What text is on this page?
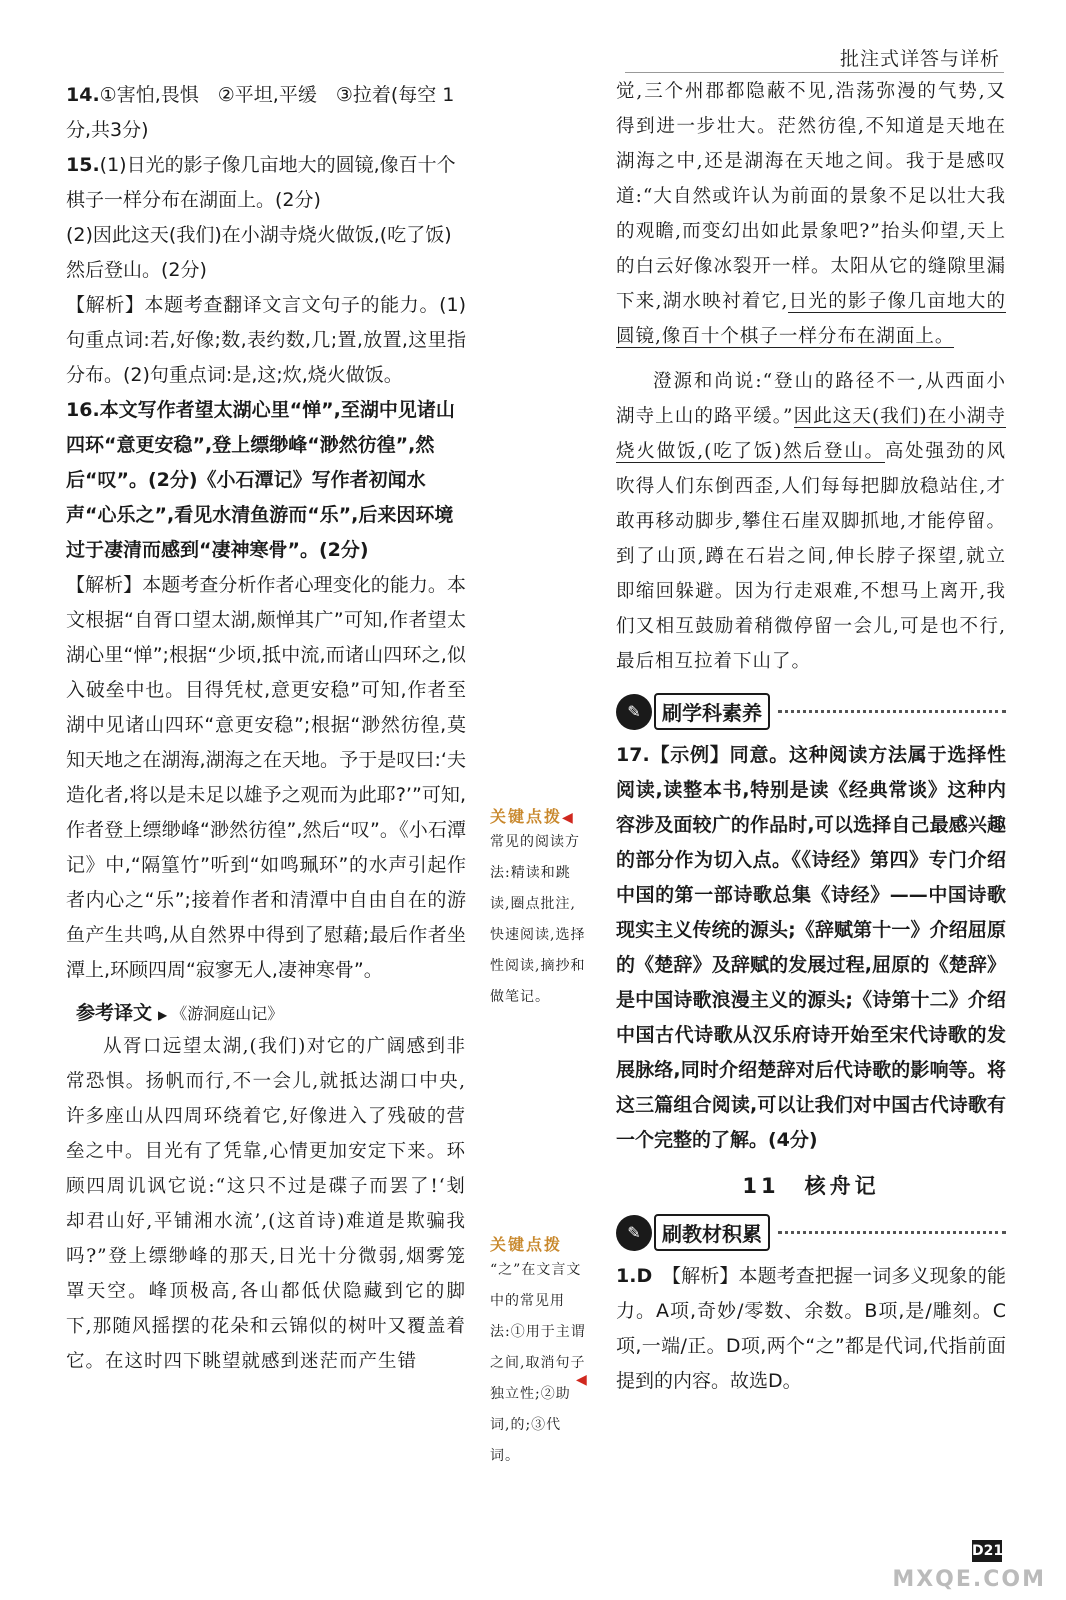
批注式详答与详析

14.①害怕,畏惧　②平坦,平缓　③拉着(每空 1分,共3分)

15.(1)日光的影子像几亩地大的圆镜,像百十个棋子一样分布在湖面上。(2分)

(2)因此这天(我们)在小湖寺烧火做饭,(吃了饭)然后登山。(2分)

【解析】本题考查翻译文言文句子的能力。(1)句重点词:若,好像;数,表约数,几;置,放置,这里指分布。(2)句重点词:是,这;炊,烧火做饭。

16.本文写作者望太湖心里“惮”,至湖中见诸山四环“意更安稳”,登上缥缈峰“渺然彷徨”,然后“叹”。(2分)《小石潭记》写作者初闻水声“心乐之”,看见水清鱼游而“乐”,后来因环境过于凄清而感到“凄神寒骨”。(2分)

【解析】本题考查分析作者心理变化的能力。本文根据“自胥口望太湖,颇惮其广”可知,作者望太湖心里“惮”;根据“少顷,抵中流,而诸山四环之,似入破垒中也。目得凭杖,意更安稳”可知,作者至湖中见诸山四环“意更安稳”;根据“渺然彷徨,莫知天地之在湖海,湖海之在天地。予于是叹曰:‘夫造化者,将以是未足以雄予之观而为此耶?’”可知,作者登上缥缈峰“渺然彷徨”,然后“叹”。《小石潭记》中,“隔篁竹”听到“如鸣珮环”的水声引起作者内心之“乐”;接着作者和清潭中自由自在的游鱼产生共鸣,从自然界中得到了慰藉;最后作者坐潭上,环顾四周“寂寥无人,凄神寒骨”。

参考译文 ▶ 《游洞庭山记》

从胥口远望太湖,(我们)对它的广阔感到非常恐惧。扬帆而行,不一会儿,就抵达湖口中央,许多座山从四周环绕着它,好像进入了残破的营垒之中。目光有了凭靠,心情更加安定下来。环顾四周讥讽它说:“这只不过是碟子而罢了!‘刬却君山好,平铺湘水流’,(这首诗)难道是欺骗我吗?”登上缥缈峰的那天,日光十分微弱,烟雾笼罩天空。峰顶极高,各山都低伏隐藏到它的脚下,那随风摇摆的花朵和云锦似的树叶又覆盖着它。在这时四下眺望就感到迷茫而产生错

关键点拨◀
常见的阅读方法:精读和跳读,圈点批注,快速阅读,选择性阅读,摘抄和做笔记。
关键点拨
“之”在文言文中的常见用法:①用于主谓之间,取消句子独立性;②助词,的;③代词。
◀

觉,三个州郡都隐蔽不见,浩荡弥漫的气势,又得到进一步壮大。茫然彷徨,不知道是天地在湖海之中,还是湖海在天地之间。我于是感叹道:“大自然或许认为前面的景象不足以壮大我的观瞻,而变幻出如此景象吧?”抬头仰望,天上的白云好像冰裂开一样。太阳从它的缝隙里漏下来,湖水映衬着它,日光的影子像几亩地大的圆镜,像百十个棋子一样分布在湖面上。

澄源和尚说:“登山的路径不一,从西面小湖寺上山的路平缓。”因此这天(我们)在小湖寺烧火做饭,(吃了饭)然后登山。高处强劲的风吹得人们东倒西歪,人们每每把脚放稳站住,才敢再移动脚步,攀住石崖双脚抓地,才能停留。到了山顶,蹲在石岩之间,伸长脖子探望,就立即缩回躲避。因为行走艰难,不想马上离开,我们又相互鼓励着稍微停留一会儿,可是也不行,最后相互拉着下山了。

✎	刷学科素养

17.【示例】同意。这种阅读方法属于选择性阅读,读整本书,特别是读《经典常谈》这种内容涉及面较广的作品时,可以选择自己最感兴趣的部分作为切入点。《《诗经》第四》专门介绍中国的第一部诗歌总集《诗经》——中国诗歌现实主义传统的源头;《辞赋第十一》介绍屈原的《楚辞》及辞赋的发展过程,屈原的《楚辞》是中国诗歌浪漫主义的源头;《诗第十二》介绍中国古代诗歌从汉乐府诗开始至宋代诗歌的发展脉络,同时介绍楚辞对后代诗歌的影响等。将这三篇组合阅读,可以让我们对中国古代诗歌有一个完整的了解。(4分)

11　 核舟记
✎	刷教材积累

1.D　 【解析】本题考查把握一词多义现象的能力。A项,奇妙/零数、余数。B项,是/雕刻。C项,一端/正。D项,两个“之”都是代词,代指前面提到的内容。故选D。

D21
MXQE.COM
